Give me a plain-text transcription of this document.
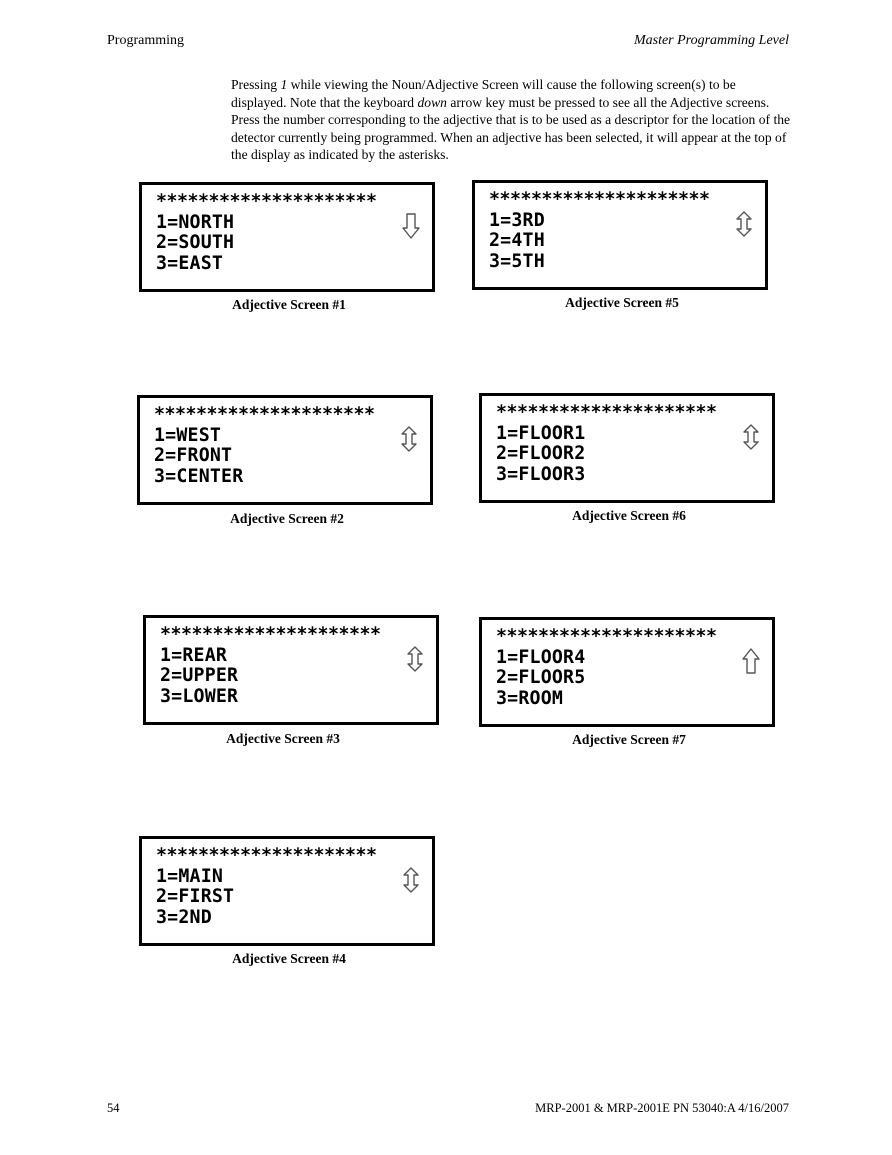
Programming	Master Programming Level

Pressing 1 while viewing the Noun/Adjective Screen will cause the following screen(s) to be displayed. Note that the keyboard down arrow key must be pressed to see all the Adjective screens. Press the number corresponding to the adjective that is to be used as a descriptor for the location of the detector currently being programmed. When an adjective has been selected, it will appear at the top of the display as indicated by the asterisks.

*********************
1=NORTH
2=SOUTH
3=EAST
Adjective Screen #1
*********************
1=WEST
2=FRONT
3=CENTER
Adjective Screen #2
*********************
1=REAR
2=UPPER
3=LOWER
Adjective Screen #3
*********************
1=MAIN
2=FIRST
3=2ND
Adjective Screen #4
*********************
1=3RD
2=4TH
3=5TH
Adjective Screen #5
*********************
1=FLOOR1
2=FLOOR2
3=FLOOR3
Adjective Screen #6
*********************
1=FLOOR4
2=FLOOR5
3=ROOM
Adjective Screen #7
54	MRP-2001 & MRP-2001E PN 53040:A 4/16/2007
